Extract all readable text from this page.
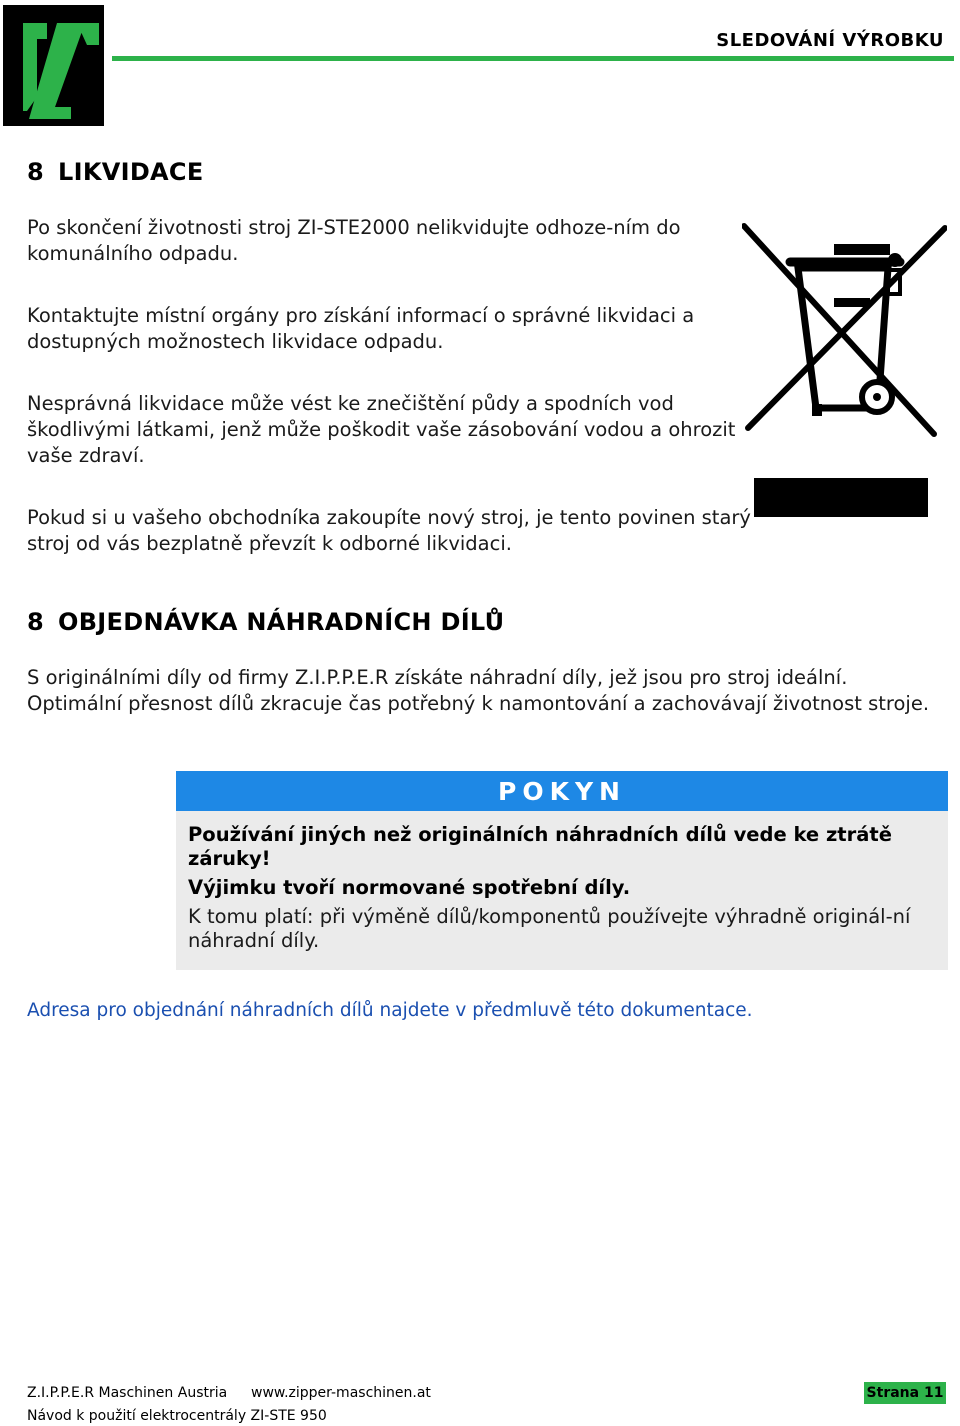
SLEDOVÁNÍ VÝROBKU
8 LIKVIDACE

Po skončení životnosti stroj ZI-STE2000 nelikvidujte odhoze-ním do komunálního odpadu.

Kontaktujte místní orgány pro získání informací o správné likvidaci a dostupných možnostech likvidace odpadu.

Nesprávná likvidace může vést ke znečištění půdy a spodních vod škodlivými látkami, jenž může poškodit vaše zásobování vodou a ohrozit vaše zdraví.

Pokud si u vašeho obchodníka zakoupíte nový stroj, je tento povinen starý stroj od vás bezplatně převzít k odborné likvidaci.

8 OBJEDNÁVKA NÁHRADNÍCH DÍLŮ

S originálními díly od firmy Z.I.P.P.E.R získáte náhradní díly, jež jsou pro stroj ideální. Optimální přesnost dílů zkracuje čas potřebný k namontování a zachovávají životnost stroje.

POKYN

Používání jiných než originálních náhradních dílů vede ke ztrátě záruky!

Výjimku tvoří normované spotřební díly.

K tomu platí: při výměně dílů/komponentů používejte výhradně originál-ní náhradní díly.

Adresa pro objednání náhradních dílů najdete v předmluvě této dokumentace.

Z.I.P.P.E.R Maschinen Austria www.zipper-maschinen.at
Návod k použití elektrocentrály ZI-STE 950
Strana 11
